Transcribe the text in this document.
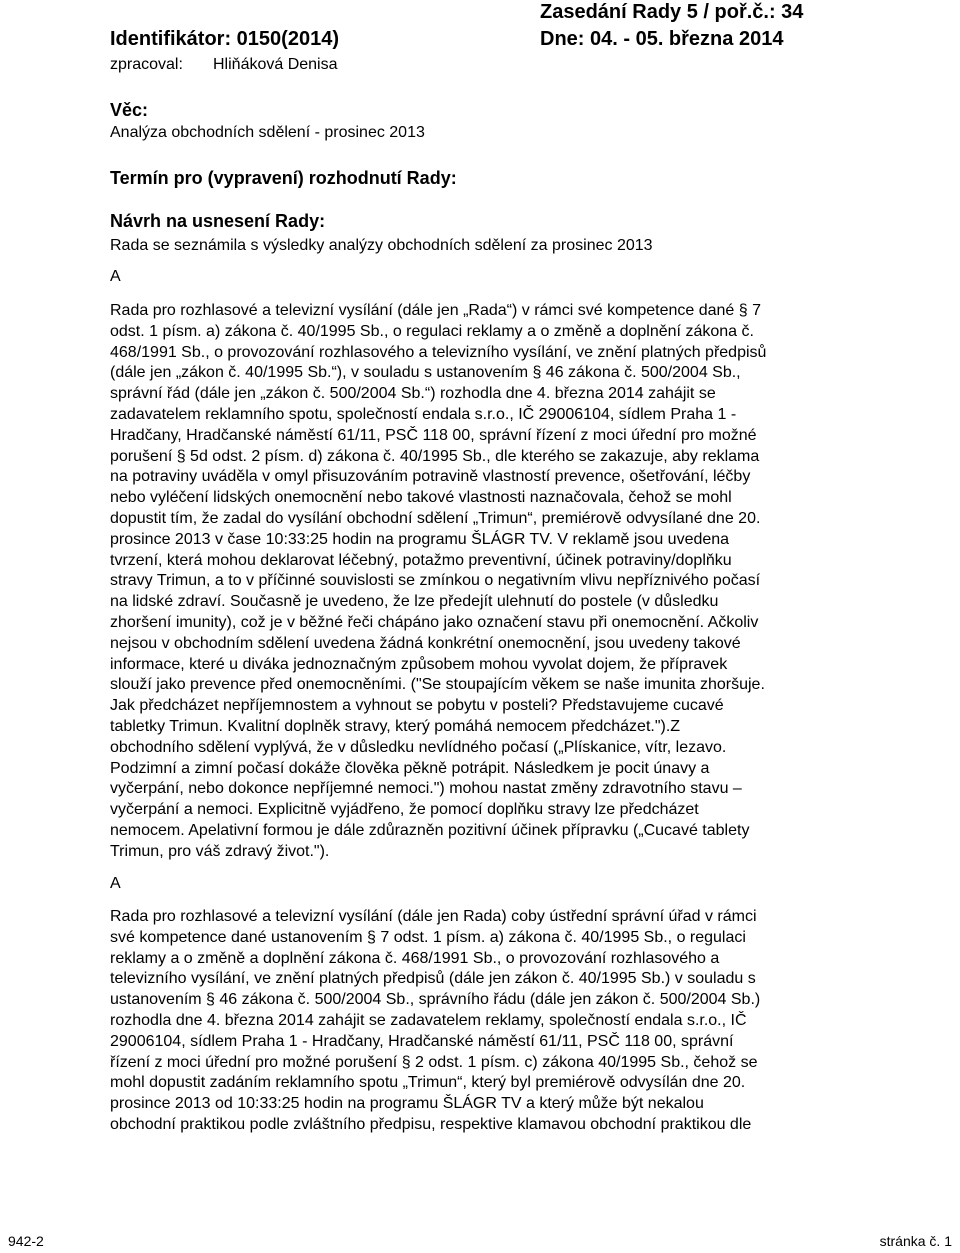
Zasedání Rady 5 / poř.č.: 34
Identifikátor: 0150(2014)	Dne: 04. - 05. března 2014
zpracoval: Hliňáková Denisa
Věc:
Analýza obchodních sdělení - prosinec 2013
Termín pro (vypravení) rozhodnutí Rady:
Návrh na usnesení Rady:
Rada se seznámila s výsledky analýzy obchodních sdělení za prosinec 2013
A
Rada pro rozhlasové a televizní vysílání (dále jen „Rada“) v rámci své kompetence dané § 7
odst. 1 písm. a) zákona č. 40/1995 Sb., o regulaci reklamy a o změně a doplnění zákona č.
468/1991 Sb., o provozování rozhlasového a televizního vysílání, ve znění platných předpisů
(dále jen „zákon č. 40/1995 Sb.“), v souladu s ustanovením § 46 zákona č. 500/2004 Sb.,
správní řád (dále jen „zákon č. 500/2004 Sb.“) rozhodla dne 4. března 2014 zahájit se
zadavatelem reklamního spotu, společností endala s.r.o., IČ 29006104, sídlem Praha 1 -
Hradčany, Hradčanské náměstí 61/11, PSČ 118 00, správní řízení z moci úřední pro možné
porušení § 5d odst. 2 písm. d) zákona č. 40/1995 Sb., dle kterého se zakazuje, aby reklama
na potraviny uváděla v omyl přisuzováním potravině vlastností prevence, ošetřování, léčby
nebo vyléčení lidských onemocnění nebo takové vlastnosti naznačovala, čehož se mohl
dopustit tím, že zadal do vysílání obchodní sdělení „Trimun“, premiérově odvysílané dne 20.
prosince 2013 v čase 10:33:25 hodin na programu ŠLÁGR TV. V reklamě jsou uvedena
tvrzení, která mohou deklarovat léčebný, potažmo preventivní, účinek potraviny/doplňku
stravy Trimun, a to v příčinné souvislosti se zmínkou o negativním vlivu nepříznivého počasí
na lidské zdraví. Současně je uvedeno, že lze předejít ulehnutí do postele (v důsledku
zhoršení imunity), což je v běžné řeči chápáno jako označení stavu při onemocnění. Ačkoliv
nejsou v obchodním sdělení uvedena žádná konkrétní onemocnění, jsou uvedeny takové
informace, které u diváka jednoznačným způsobem mohou vyvolat dojem, že přípravek
slouží jako prevence před onemocněními. ("Se stoupajícím věkem se naše imunita zhoršuje.
Jak předcházet nepříjemnostem a vyhnout se pobytu v posteli? Představujeme cucavé
tabletky Trimun. Kvalitní doplněk stravy, který pomáhá nemocem předcházet.").Z
obchodního sdělení vyplývá, že v důsledku nevlídného počasí („Plískanice, vítr, lezavo.
Podzimní a zimní počasí dokáže člověka pěkně potrápit. Následkem je pocit únavy a
vyčerpání, nebo dokonce nepříjemné nemoci.") mohou nastat změny zdravotního stavu –
vyčerpání a nemoci. Explicitně vyjádřeno, že pomocí doplňku stravy lze předcházet
nemocem. Apelativní formou je dále zdůrazněn pozitivní účinek přípravku („Cucavé tablety
Trimun, pro váš zdravý život.").
A
Rada pro rozhlasové a televizní vysílání (dále jen Rada) coby ústřední správní úřad v rámci
své kompetence dané ustanovením § 7 odst. 1 písm. a) zákona č. 40/1995 Sb., o regulaci
reklamy a o změně a doplnění zákona č. 468/1991 Sb., o provozování rozhlasového a
televizního vysílání, ve znění platných předpisů (dále jen zákon č. 40/1995 Sb.) v souladu s
ustanovením § 46 zákona č. 500/2004 Sb., správního řádu (dále jen zákon č. 500/2004 Sb.)
rozhodla dne 4. března 2014 zahájit se zadavatelem reklamy, společností endala s.r.o., IČ
29006104, sídlem Praha 1 - Hradčany, Hradčanské náměstí 61/11, PSČ 118 00, správní
řízení z moci úřední pro možné porušení § 2 odst. 1 písm. c) zákona 40/1995 Sb., čehož se
mohl dopustit zadáním reklamního spotu „Trimun“, který byl premiérově odvysílán dne 20.
prosince 2013 od 10:33:25 hodin na programu ŠLÁGR TV a který může být nekalou
obchodní praktikou podle zvláštního předpisu, respektive klamavou obchodní praktikou dle
942-2	stránka č. 1
